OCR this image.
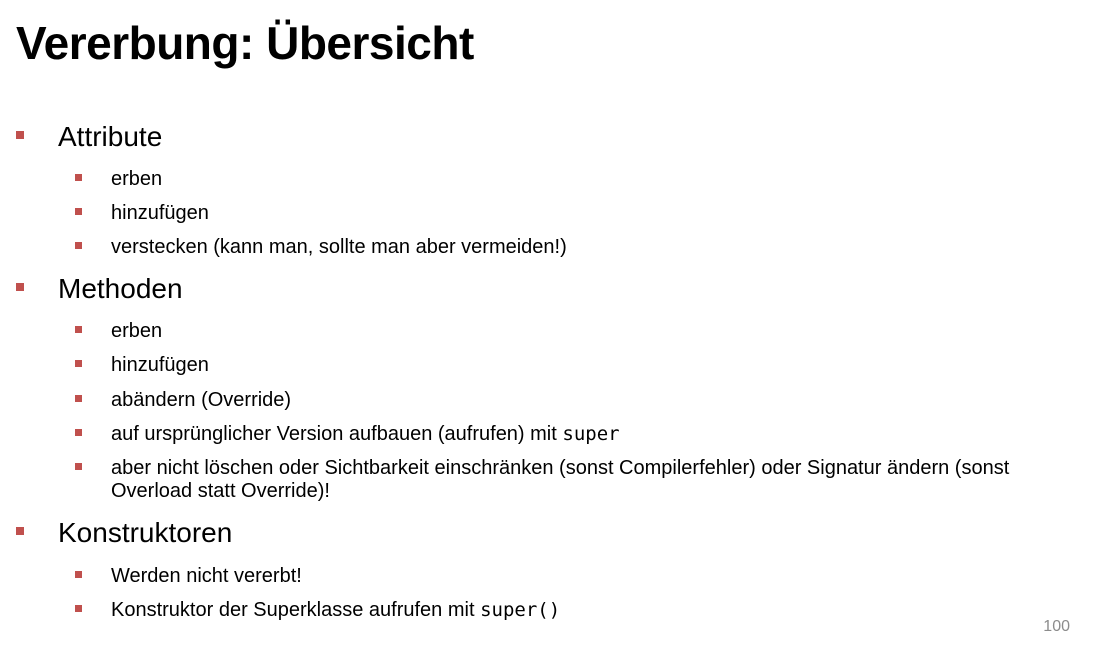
Vererbung: Übersicht
Attribute
erben
hinzufügen
verstecken (kann man, sollte man aber vermeiden!)
Methoden
erben
hinzufügen
abändern (Override)
auf ursprünglicher Version aufbauen (aufrufen) mit super
aber nicht löschen oder Sichtbarkeit einschränken (sonst Compilerfehler) oder Signatur ändern (sonst Overload statt Override)!
Konstruktoren
Werden nicht vererbt!
Konstruktor der Superklasse aufrufen mit super()
100
